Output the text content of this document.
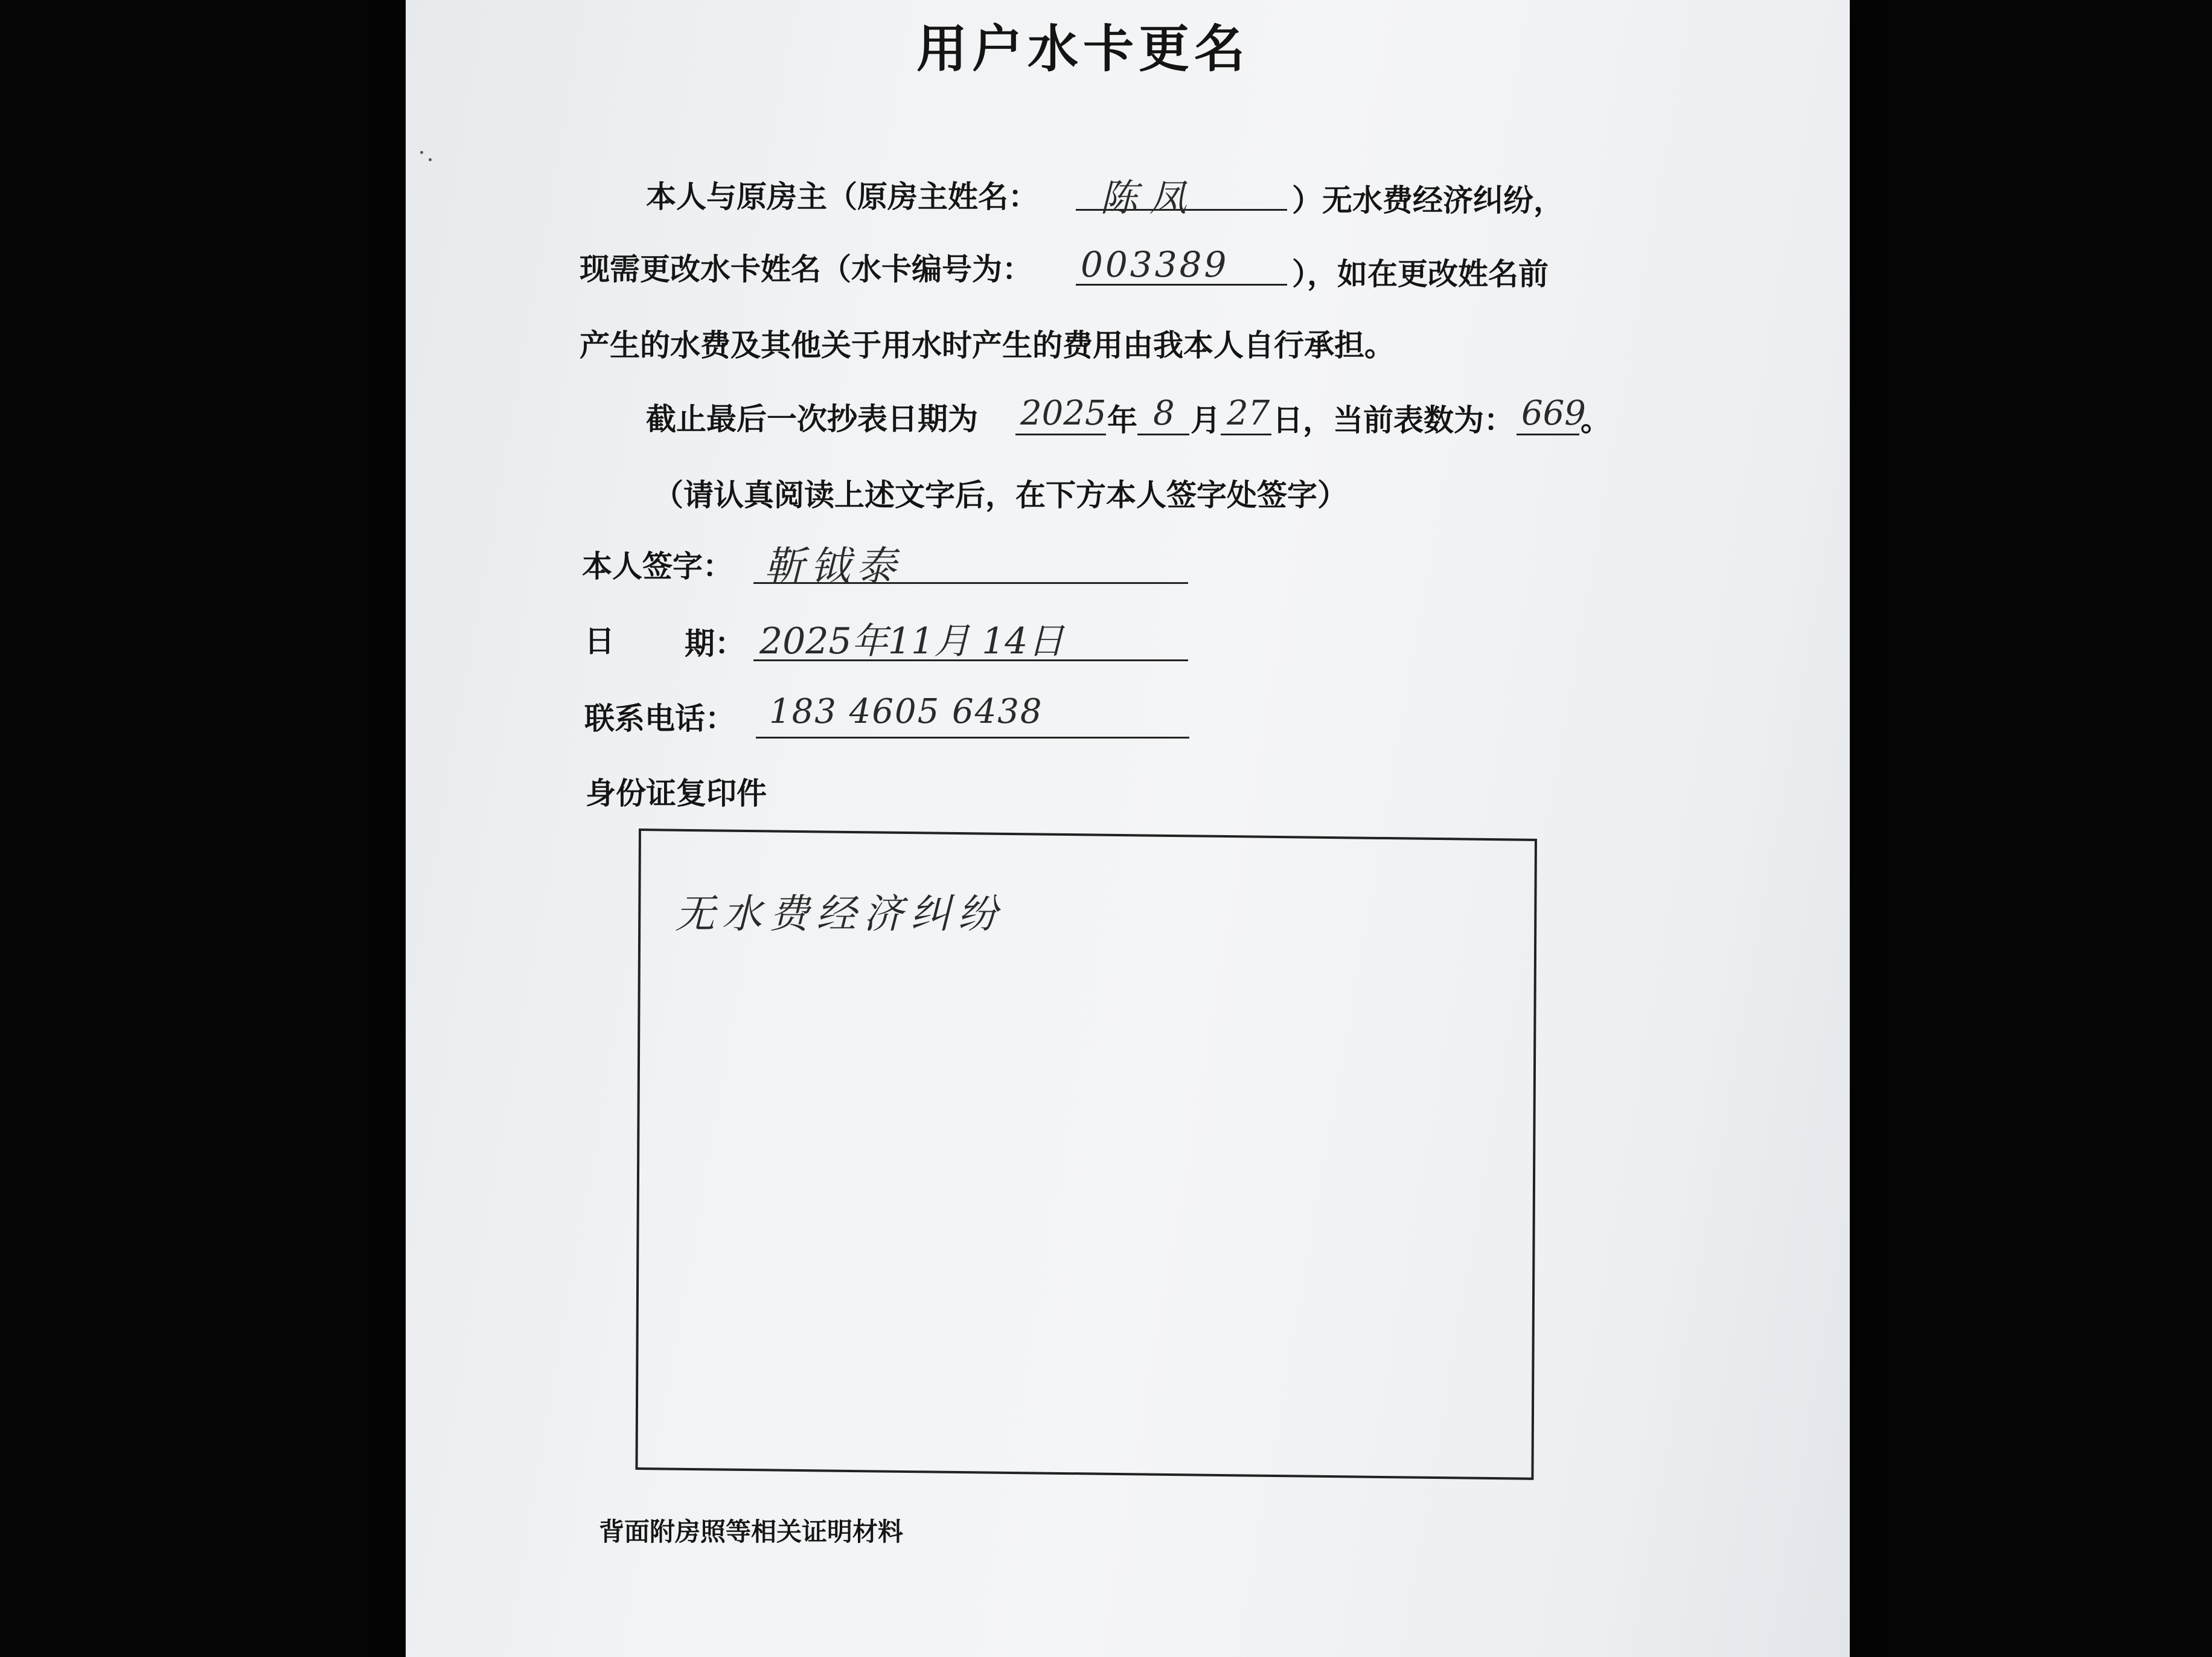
用户水卡更名
本人与原房主（原房主姓名： 陈 凤	）无水费经济纠纷，
现需更改水卡姓名（水卡编号为： 003389 ），如在更改姓名前
产生的水费及其他关于用水时产生的费用由我本人自行承担。
截止最后一次抄表日期为 2025 年 8 月 27 日，当前表数为： 669
。
（请认真阅读上述文字后，在下方本人签字处签字）
本人签字： 靳钺泰
日 期： 2025年11月 14日
联系电话： 183 4605 6438
身份证复印件
无水费经济纠纷
背面附房照等相关证明材料
